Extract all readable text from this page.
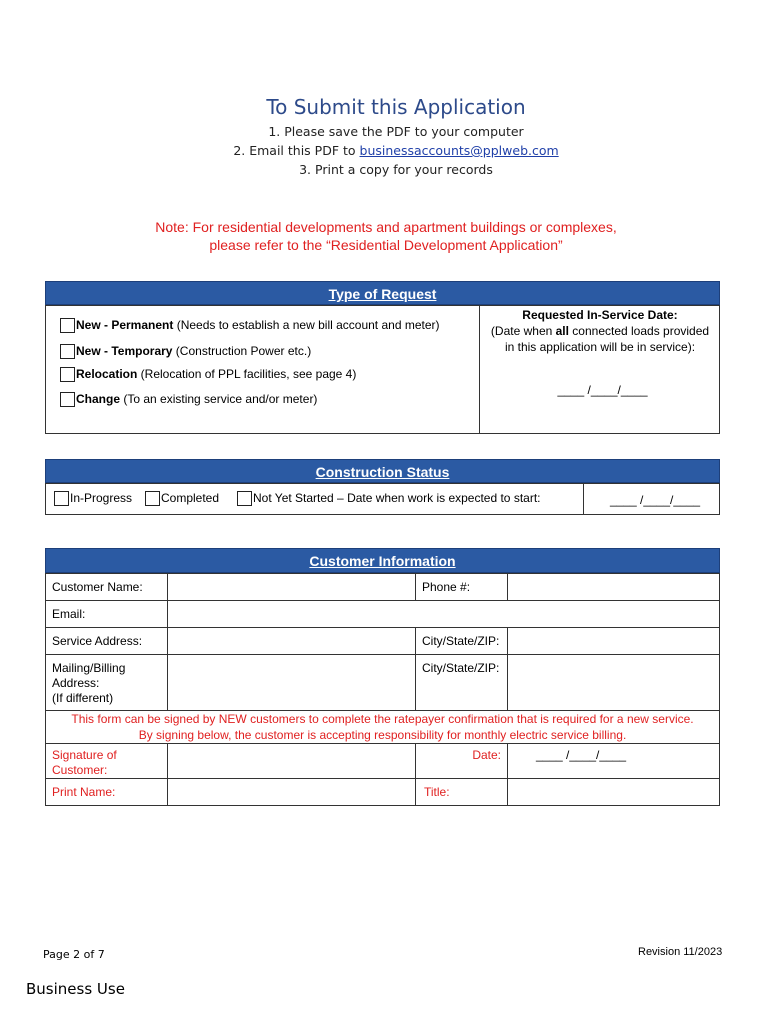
To Submit this Application
1. Please save the PDF to your computer
2. Email this PDF to businessaccounts@pplweb.com
3. Print a copy for your records
Note: For residential developments and apartment buildings or complexes,
please refer to the “Residential Development Application”
Type of Request
New - Permanent (Needs to establish a new bill account and meter)
New - Temporary (Construction Power etc.)
Relocation (Relocation of PPL facilities, see page 4)
Change (To an existing service and/or meter)
Requested In-Service Date:
(Date when all connected loads provided in this application will be in service):
____ /____/____
Construction Status
In-Progress	Completed	Not Yet Started – Date when work is expected to start:	____ /____/____
Customer Information
Customer Name:		Phone #:	
Email:			
Service Address:		City/State/ZIP:	
Mailing/Billing
Address:
(If different)		City/State/ZIP:	
This form can be signed by NEW customers to complete the ratepayer confirmation that is required for a new service.
By signing below, the customer is accepting responsibility for monthly electric service billing.			
Signature of
Customer:		Date:	____ /____/____
Print Name:		Title:	
Page 2 of 7	Revision 11/2023
Business Use
